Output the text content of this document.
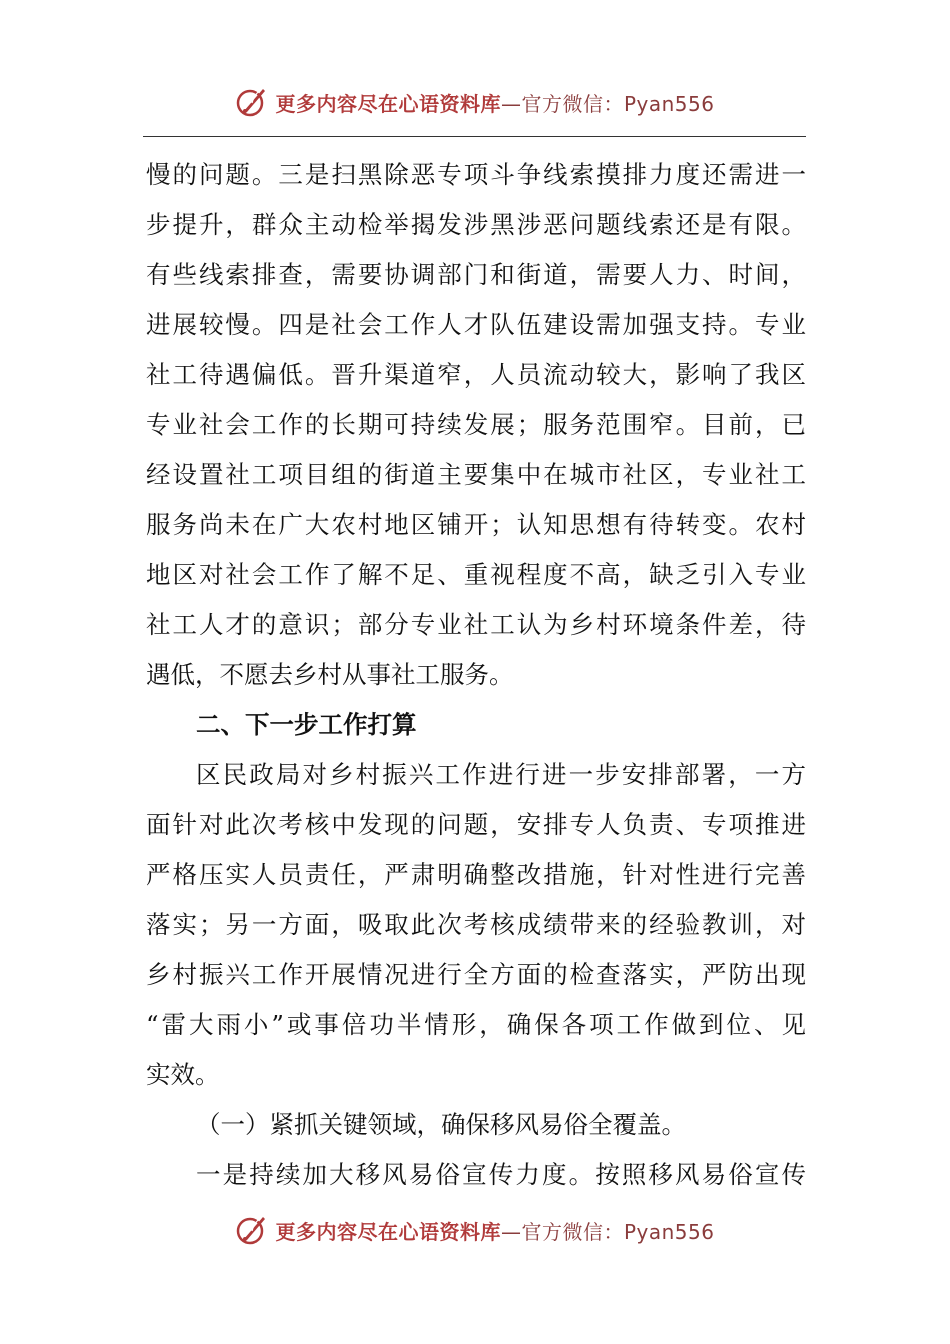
更多内容尽在心语资料库—官方微信：Pyan556
慢的问题。三是扫黑除恶专项斗争线索摸排力度还需进一
步提升，群众主动检举揭发涉黑涉恶问题线索还是有限。
有些线索排查，需要协调部门和街道，需要人力、时间，
进展较慢。四是社会工作人才队伍建设需加强支持。专业
社工待遇偏低。晋升渠道窄，人员流动较大，影响了我区
专业社会工作的长期可持续发展；服务范围窄。目前，已
经设置社工项目组的街道主要集中在城市社区，专业社工
服务尚未在广大农村地区铺开；认知思想有待转变。农村
地区对社会工作了解不足、重视程度不高，缺乏引入专业
社工人才的意识；部分专业社工认为乡村环境条件差，待
遇低，不愿去乡村从事社工服务。
二、下一步工作打算
区民政局对乡村振兴工作进行进一步安排部署，一方
面针对此次考核中发现的问题，安排专人负责、专项推进
严格压实人员责任，严肃明确整改措施，针对性进行完善
落实；另一方面，吸取此次考核成绩带来的经验教训，对
乡村振兴工作开展情况进行全方面的检查落实，严防出现
“雷大雨小”或事倍功半情形，确保各项工作做到位、见
实效。
（一）紧抓关键领域，确保移风易俗全覆盖。
一是持续加大移风易俗宣传力度。按照移风易俗宣传
更多内容尽在心语资料库—官方微信：Pyan556
